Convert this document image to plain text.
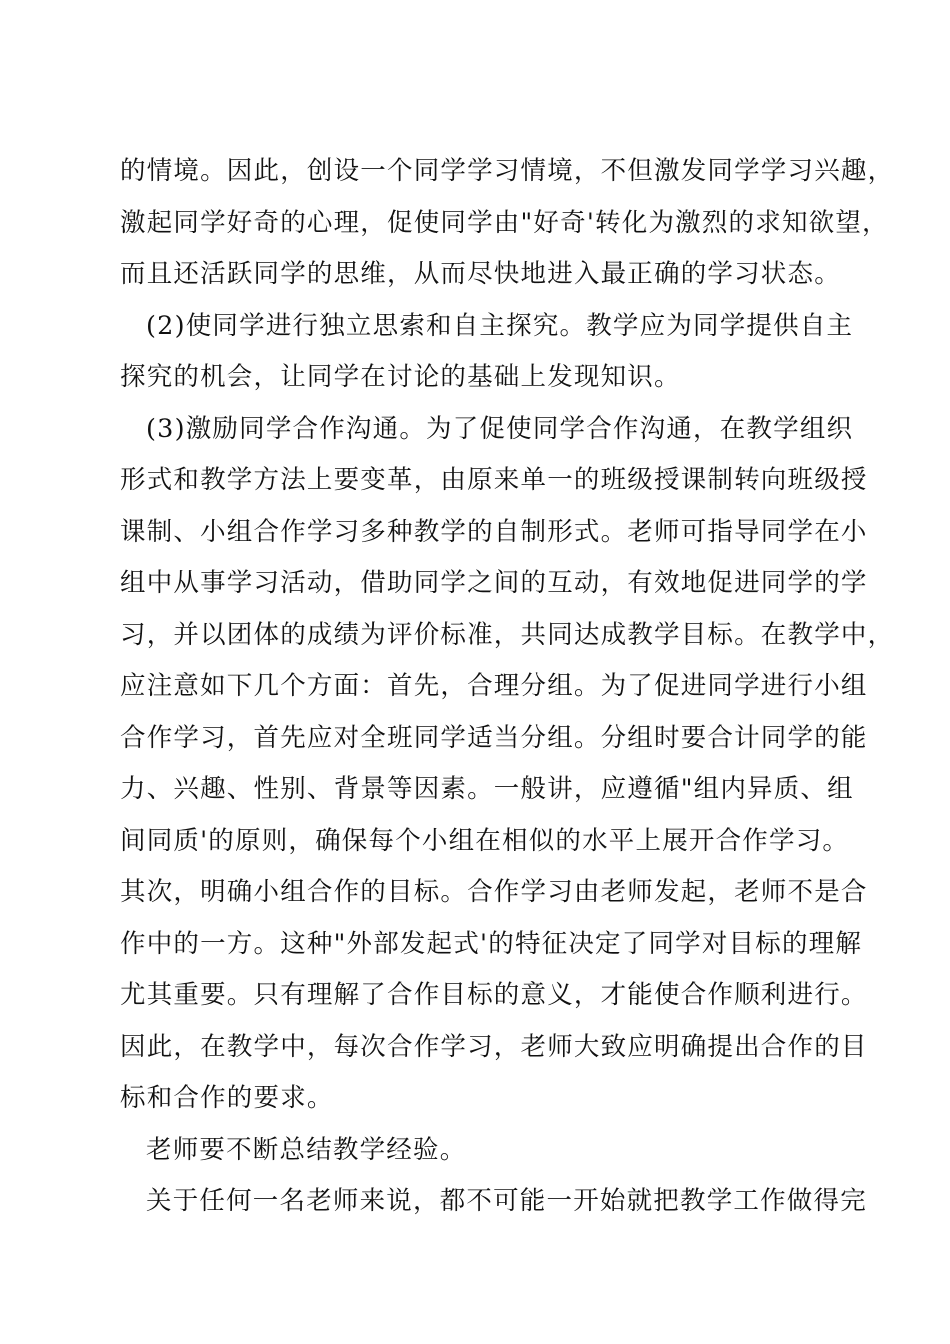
的情境。因此，创设一个同学学习情境，不但激发同学学习兴趣，
激起同学好奇的心理，促使同学由"好奇'转化为激烈的求知欲望，
而且还活跃同学的思维，从而尽快地进入最正确的学习状态。
(2)使同学进行独立思索和自主探究。教学应为同学提供自主
探究的机会，让同学在讨论的基础上发现知识。
(3)激励同学合作沟通。为了促使同学合作沟通，在教学组织
形式和教学方法上要变革，由原来单一的班级授课制转向班级授
课制、小组合作学习多种教学的自制形式。老师可指导同学在小
组中从事学习活动，借助同学之间的互动，有效地促进同学的学
习，并以团体的成绩为评价标准，共同达成教学目标。在教学中，
应注意如下几个方面：首先，合理分组。为了促进同学进行小组
合作学习，首先应对全班同学适当分组。分组时要合计同学的能
力、兴趣、性别、背景等因素。一般讲，应遵循"组内异质、组
间同质'的原则，确保每个小组在相似的水平上展开合作学习。
其次，明确小组合作的目标。合作学习由老师发起，老师不是合
作中的一方。这种"外部发起式'的特征决定了同学对目标的理解
尤其重要。只有理解了合作目标的意义，才能使合作顺利进行。
因此，在教学中，每次合作学习，老师大致应明确提出合作的目
标和合作的要求。
老师要不断总结教学经验。
关于任何一名老师来说，都不可能一开始就把教学工作做得完
